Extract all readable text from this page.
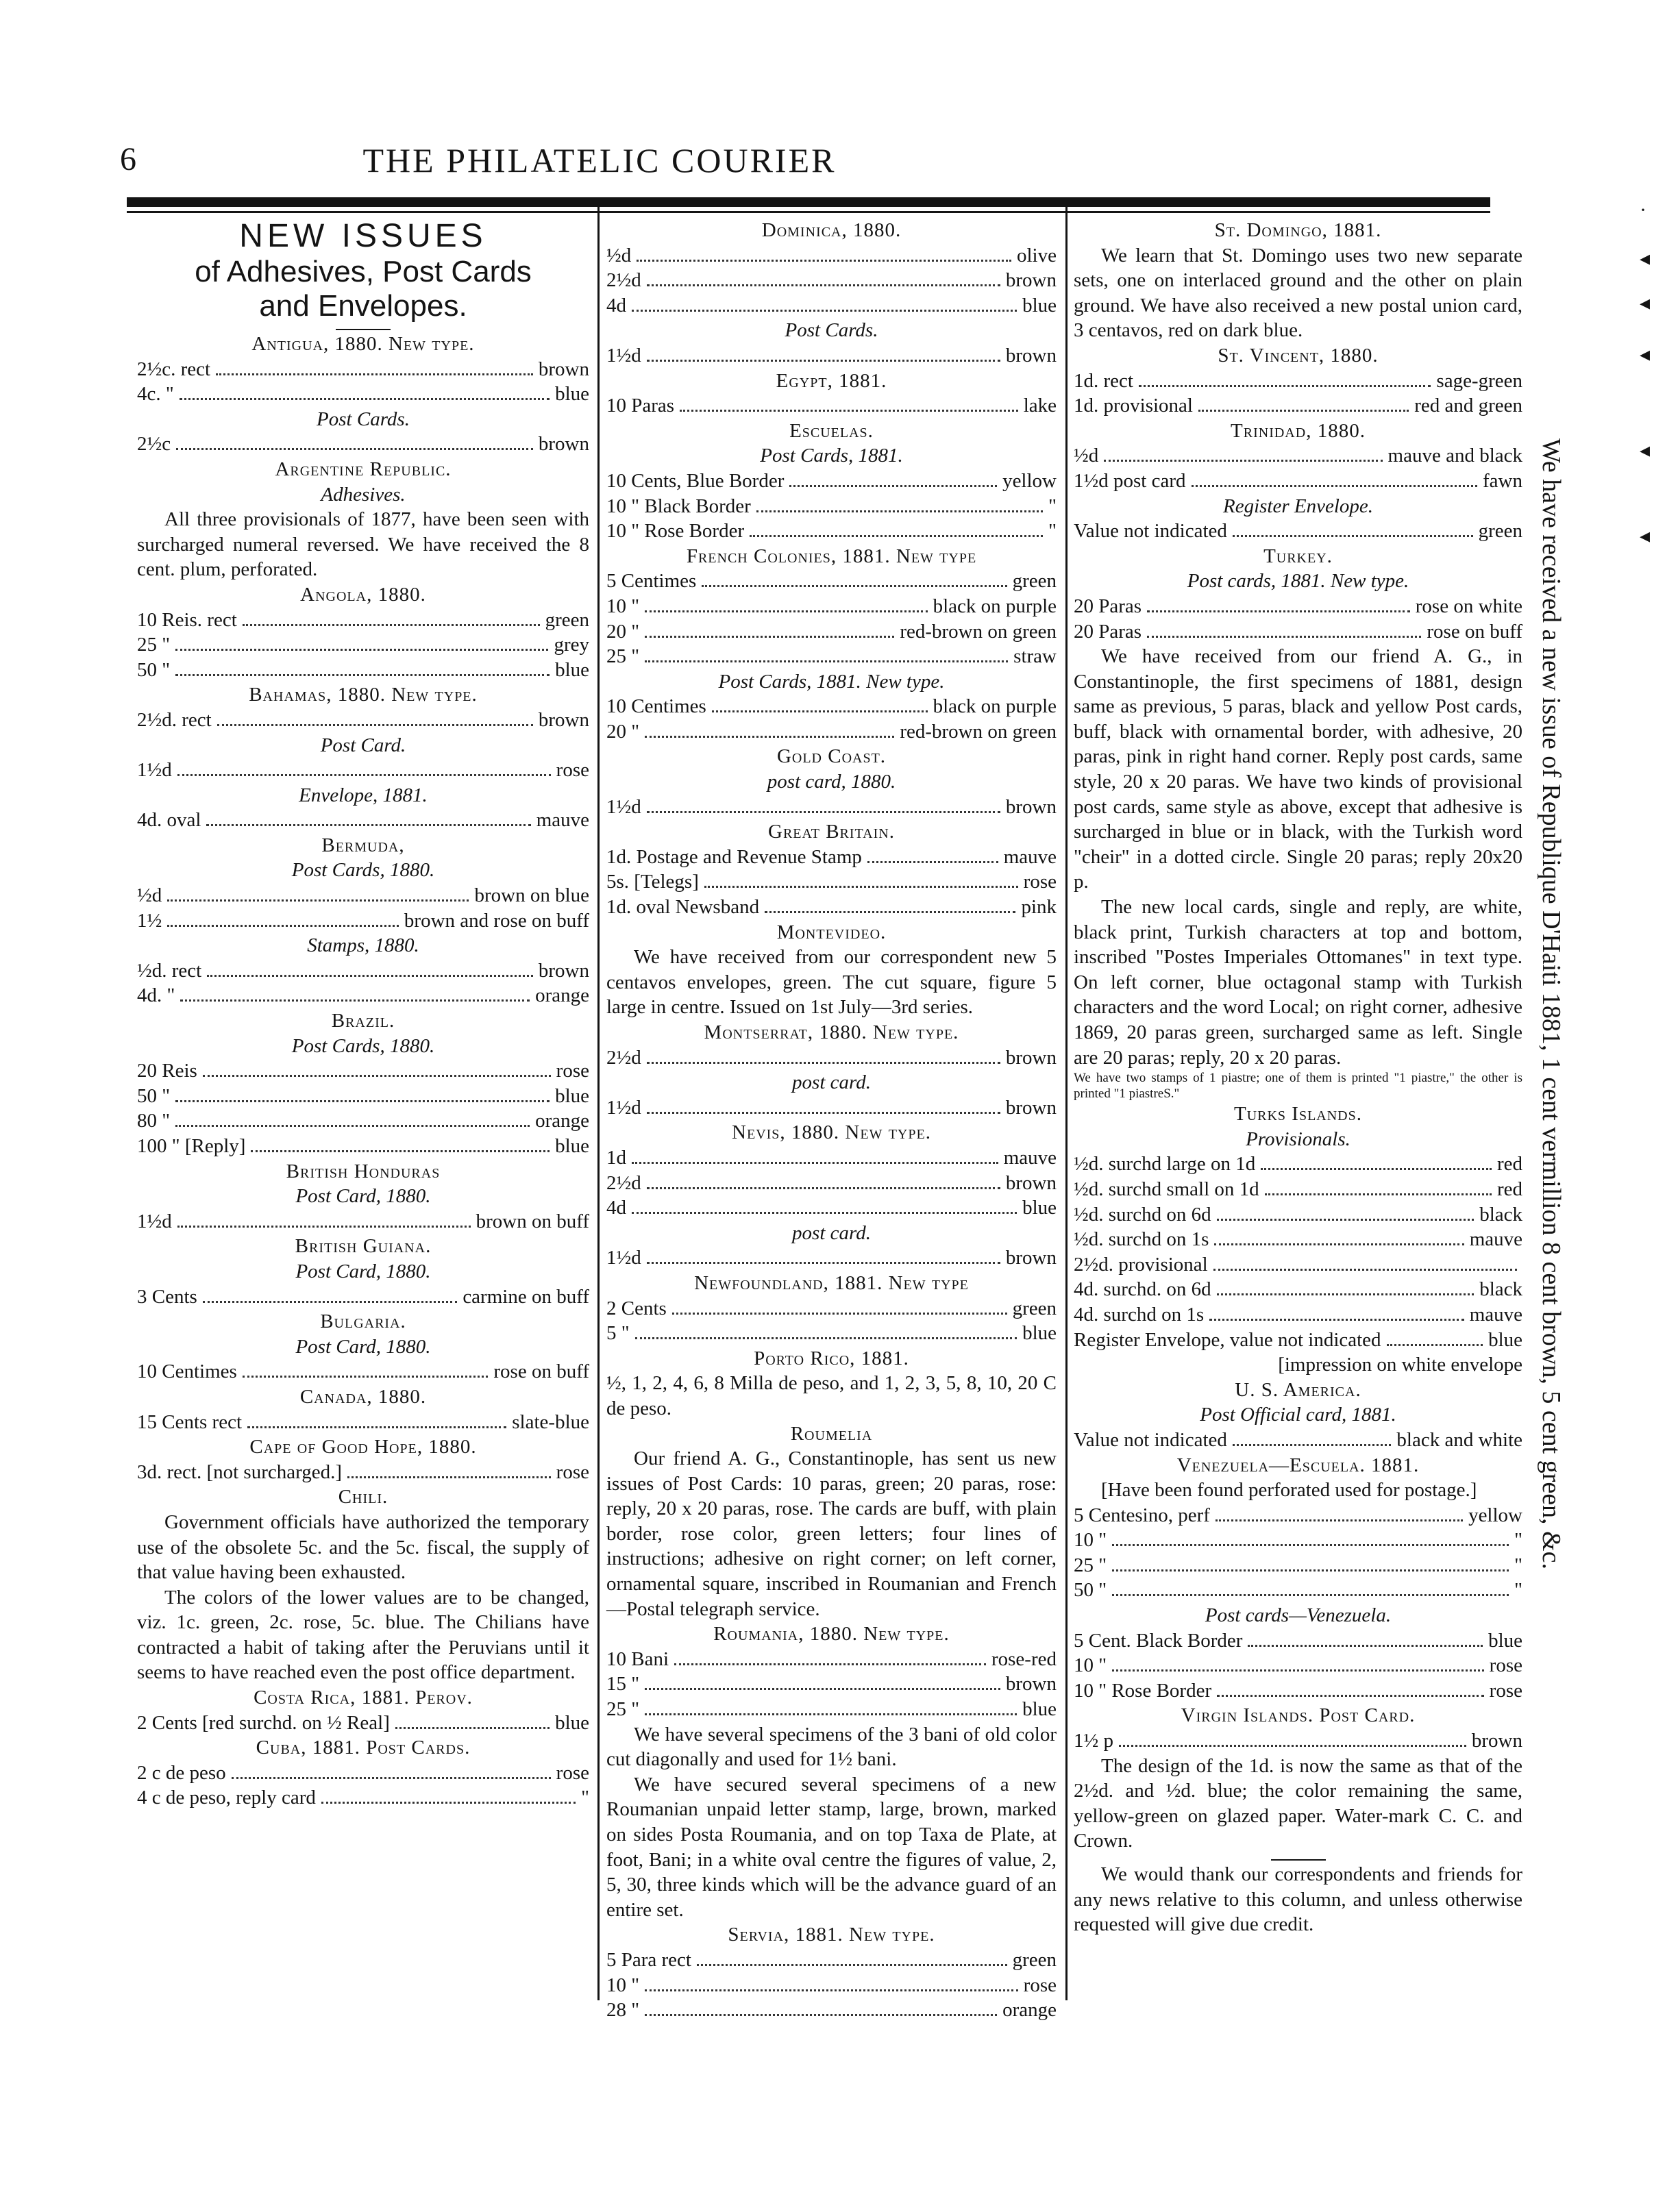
6	THE PHILATELIC COURIER
NEW ISSUES
of Adhesives, Post Cards
and Envelopes.
Antigua, 1880. New type.
2½c. rect	brown
4c. "	blue
Post Cards.
2½c	brown
Argentine Republic.
Adhesives.
All three provisionals of 1877, have been seen with surcharged numeral reversed. We have received the 8 cent. plum, perforated.
Angola, 1880.
10 Reis. rect	green
25 "	grey
50 "	blue
Bahamas, 1880. New type.
2½d. rect	brown
Post Card.
1½d	rose
Envelope, 1881.
4d. oval	mauve
Bermuda,
Post Cards, 1880.
½d	brown on blue
1½	brown and rose on buff
Stamps, 1880.
½d. rect	brown
4d. "	orange
Brazil.
Post Cards, 1880.
20 Reis	rose
50 "	blue
80 "	orange
100 " [Reply]	blue
British Honduras
Post Card, 1880.
1½d	brown on buff
British Guiana.
Post Card, 1880.
3 Cents	carmine on buff
Bulgaria.
Post Card, 1880.
10 Centimes	rose on buff
Canada, 1880.
15 Cents rect	slate-blue
Cape of Good Hope, 1880.
3d. rect. [not surcharged.]	rose
Chili.
Government officials have authorized the temporary use of the obsolete 5c. and the 5c. fiscal, the supply of that value having been exhausted.
The colors of the lower values are to be changed, viz. 1c. green, 2c. rose, 5c. blue. The Chilians have contracted a habit of taking after the Peruvians until it seems to have reached even the post office department.
Costa Rica, 1881. Perov.
2 Cents [red surchd. on ½ Real]	blue
Cuba, 1881. Post Cards.
2 c de peso	rose
4 c de peso, reply card	"
Dominica, 1880.
½d	olive
2½d	brown
4d	blue
Post Cards.
1½d	brown
Egypt, 1881.
10 Paras	lake
Escuelas.
Post Cards, 1881.
10 Cents, Blue Border	yellow
10 " Black Border	"
10 " Rose Border	"
French Colonies, 1881. New type
5 Centimes	green
10 "	black on purple
20 "	red-brown on green
25 "	straw
Post Cards, 1881. New type.
10 Centimes	black on purple
20 "	red-brown on green
Gold Coast.
post card, 1880.
1½d	brown
Great Britain.
1d. Postage and Revenue Stamp	mauve
5s. [Telegs]	rose
1d. oval Newsband	pink
Montevideo.
We have received from our correspondent new 5 centavos envelopes, green. The cut square, figure 5 large in centre. Issued on 1st July—3rd series.
Montserrat, 1880. New type.
2½d	brown
post card.
1½d	brown
Nevis, 1880. New type.
1d	mauve
2½d	brown
4d	blue
post card.
1½d	brown
Newfoundland, 1881. New type
2 Cents	green
5 "	blue
Porto Rico, 1881.
½, 1, 2, 4, 6, 8 Milla de peso, and 1, 2, 3, 5, 8, 10, 20 C de peso.
Roumelia
Our friend A. G., Constantinople, has sent us new issues of Post Cards: 10 paras, green; 20 paras, rose: reply, 20 x 20 paras, rose. The cards are buff, with plain border, rose color, green letters; four lines of instructions; adhesive on right corner; on left corner, ornamental square, inscribed in Roumanian and French—Postal telegraph service.
Roumania, 1880. New type.
10 Bani	rose-red
15 "	brown
25 "	blue
We have several specimens of the 3 bani of old color cut diagonally and used for 1½ bani.
We have secured several specimens of a new Roumanian unpaid letter stamp, large, brown, marked on sides Posta Roumania, and on top Taxa de Plate, at foot, Bani; in a white oval centre the figures of value, 2, 5, 30, three kinds which will be the advance guard of an entire set.
Servia, 1881. New type.
5 Para rect	green
10 "	rose
28 "	orange
St. Domingo, 1881.
We learn that St. Domingo uses two new separate sets, one on interlaced ground and the other on plain ground. We have also received a new postal union card, 3 centavos, red on dark blue.
St. Vincent, 1880.
1d. rect	sage-green
1d. provisional	red and green
Trinidad, 1880.
½d	mauve and black
1½d post card	fawn
Register Envelope.
Value not indicated	green
Turkey.
Post cards, 1881. New type.
20 Paras	rose on white
20 Paras	rose on buff
We have received from our friend A. G., in Constantinople, the first specimens of 1881, design same as previous, 5 paras, black and yellow Post cards, buff, black with ornamental border, with adhesive, 20 paras, pink in right hand corner. Reply post cards, same style, 20 x 20 paras. We have two kinds of provisional post cards, same style as above, except that adhesive is surcharged in blue or in black, with the Turkish word "cheir" in a dotted circle. Single 20 paras; reply 20x20 p.
The new local cards, single and reply, are white, black print, Turkish characters at top and bottom, inscribed "Postes Imperiales Ottomanes" in text type. On left corner, blue octagonal stamp with Turkish characters and the word Local; on right corner, adhesive 1869, 20 paras green, surcharged same as left. Single are 20 paras; reply, 20 x 20 paras.
We have two stamps of 1 piastre; one of them is printed "1 piastre," the other is printed "1 piastreS."
Turks Islands.
Provisionals.
½d. surchd large on 1d	red
½d. surchd small on 1d	red
½d. surchd on 6d	black
½d. surchd on 1s	mauve
2½d. provisional
4d. surchd. on 6d	black
4d. surchd on 1s	mauve
Register Envelope, value not indicated	blue
[impression on white envelope
U. S. America.
Post Official card, 1881.
Value not indicated	black and white
Venezuela—Escuela. 1881.
[Have been found perforated used for postage.]
5 Centesino, perf	yellow
10 "	"
25 "	"
50 "	"
Post cards—Venezuela.
5 Cent. Black Border	blue
10 "	rose
10 " Rose Border	rose
Virgin Islands. Post Card.
1½ p	brown
The design of the 1d. is now the same as that of the 2½d. and ½d. blue; the color remaining the same, yellow-green on glazed paper. Water-mark C. C. and Crown.
We would thank our correspondents and friends for any news relative to this column, and unless otherwise requested will give due credit.
We have received a new issue of Republique D'Haiti 1881, 1 cent vermillion 8 cent brown, 5 cent green, &c.
·
◂
◂
◂
◂
◂
